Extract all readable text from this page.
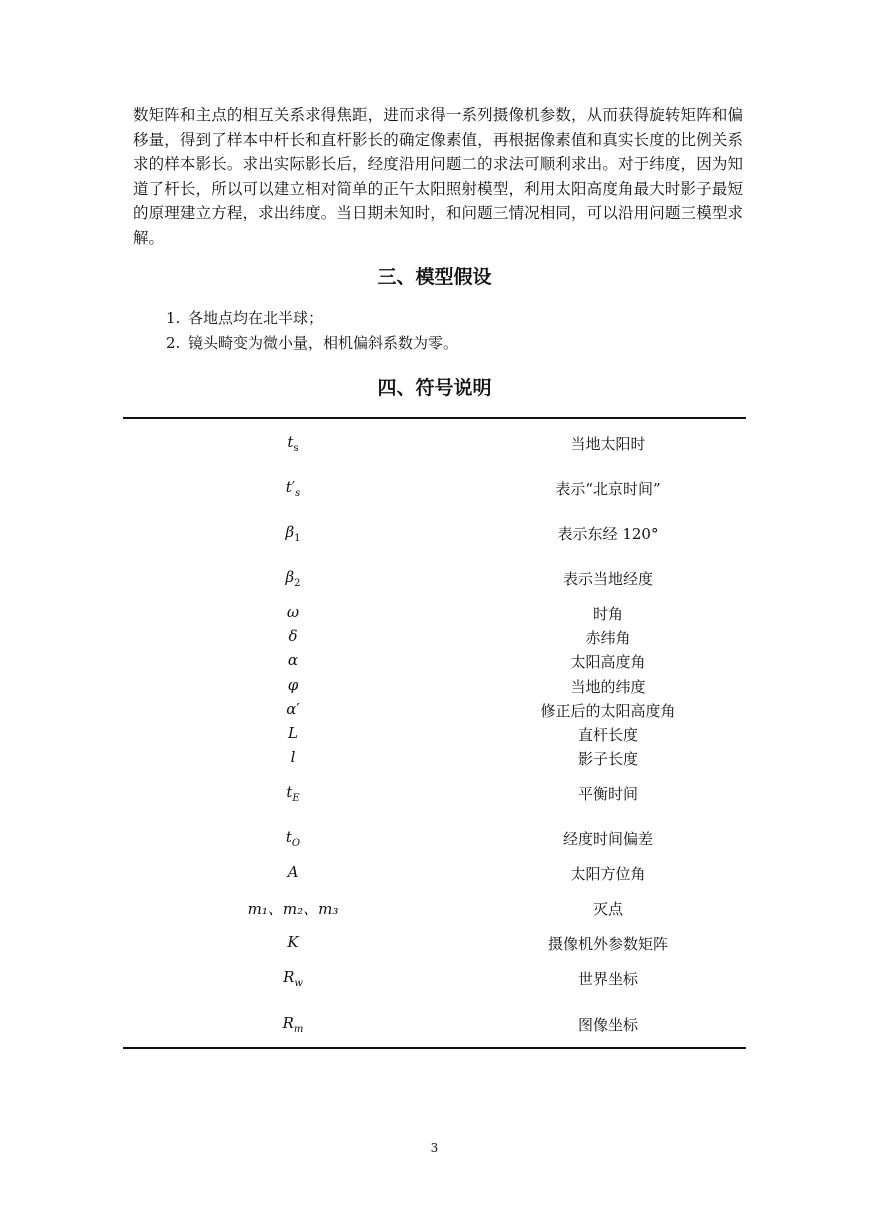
数矩阵和主点的相互关系求得焦距，进而求得一系列摄像机参数，从而获得旋转矩阵和偏移量，得到了样本中杆长和直杆影长的确定像素值，再根据像素值和真实长度的比例关系求的样本影长。求出实际影长后，经度沿用问题二的求法可顺利求出。对于纬度，因为知道了杆长，所以可以建立相对简单的正午太阳照射模型，利用太阳高度角最大时影子最短的原理建立方程，求出纬度。当日期未知时，和问题三情况相同，可以沿用问题三模型求解。

三、模型假设
1. 各地点均在北半球；
2. 镜头畸变为微小量，相机偏斜系数为零。
四、符号说明
$t_s$	当地太阳时
$t'_s$	表示“北京时间”
$\beta_1$	表示东经 120°
$\beta_2$	表示当地经度
ω	时角
δ	赤纬角
α	太阳高度角
φ	当地的纬度
α′	修正后的太阳高度角
L	直杆长度
l	影子长度
$t_E$	平衡时间
$t_O$	经度时间偏差
A	太阳方位角
m₁、m₂、m₃	灭点
K	摄像机外参数矩阵
$R_w$	世界坐标
$R_m$	图像坐标
3
